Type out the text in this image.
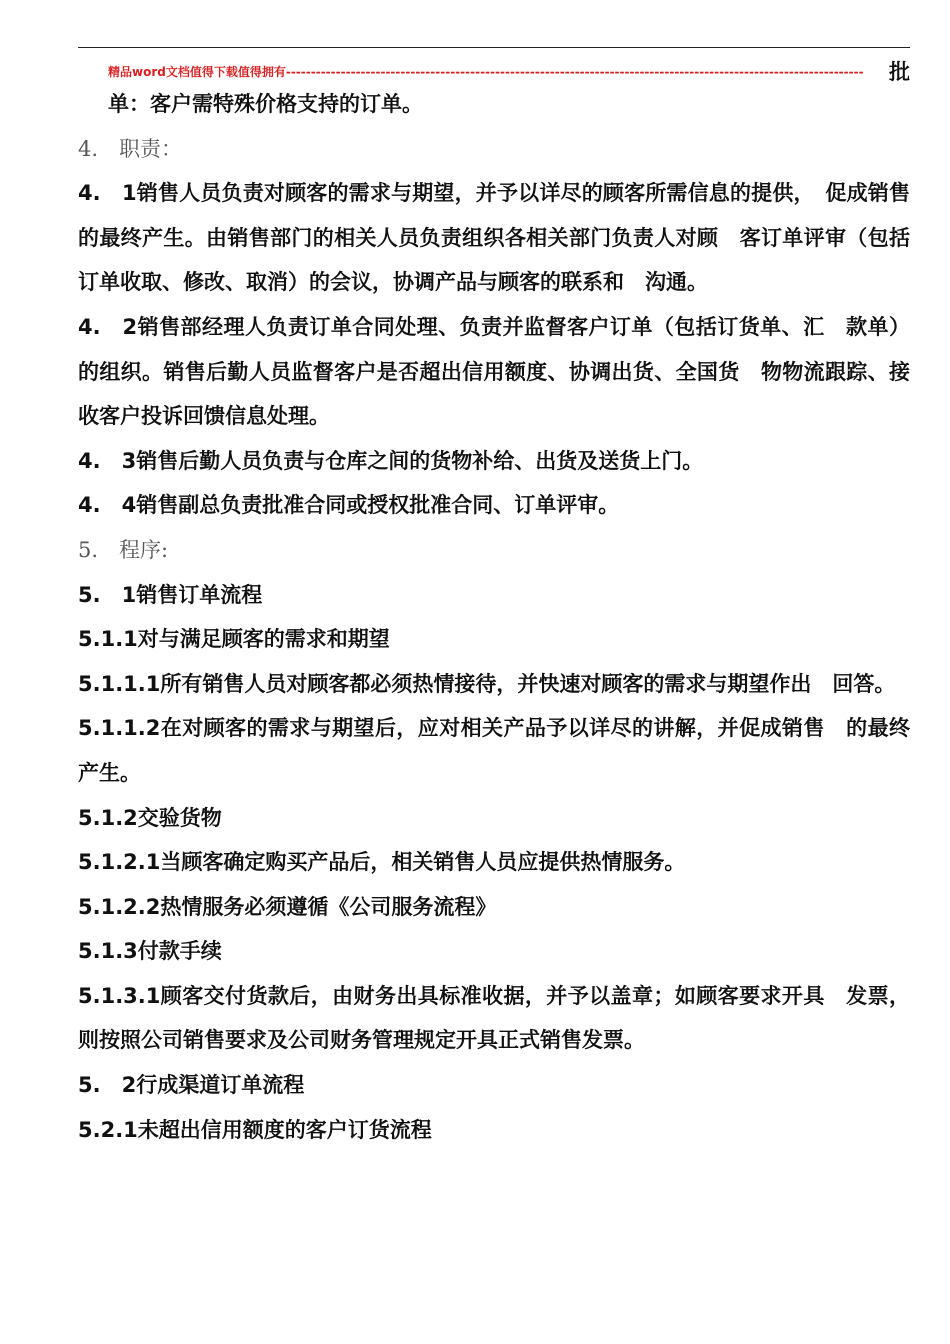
精品word文档值得下载值得拥有--------------------------------------------------------------------------------------------------------------------	批

单：客户需特殊价格支持的订单。

4.　职责：

4.　1销售人员负责对顾客的需求与期望，并予以详尽的顾客所需信息的提供，　促成销售的最终产生。由销售部门的相关人员负责组织各相关部门负责人对顾　客订单评审（包括订单收取、修改、取消）的会议，协调产品与顾客的联系和　沟通。

4.　2销售部经理人负责订单合同处理、负责并监督客户订单（包括订货单、汇　款单）的组织。销售后勤人员监督客户是否超出信用额度、协调出货、全国货　物物流跟踪、接收客户投诉回馈信息处理。

4.　3销售后勤人员负责与仓库之间的货物补给、出货及送货上门。

4.　4销售副总负责批准合同或授权批准合同、订单评审。

5.　程序:

5.　1销售订单流程

5.1.1对与满足顾客的需求和期望

5.1.1.1所有销售人员对顾客都必须热情接待，并快速对顾客的需求与期望作出　回答。

5.1.1.2在对顾客的需求与期望后，应对相关产品予以详尽的讲解，并促成销售　的最终产生。

5.1.2交验货物

5.1.2.1当顾客确定购买产品后，相关销售人员应提供热情服务。

5.1.2.2热情服务必须遵循《公司服务流程》

5.1.3付款手续

5.1.3.1顾客交付货款后，由财务出具标准收据，并予以盖章；如顾客要求开具　发票，则按照公司销售要求及公司财务管理规定开具正式销售发票。

5.　2行成渠道订单流程

5.2.1未超出信用额度的客户订货流程
